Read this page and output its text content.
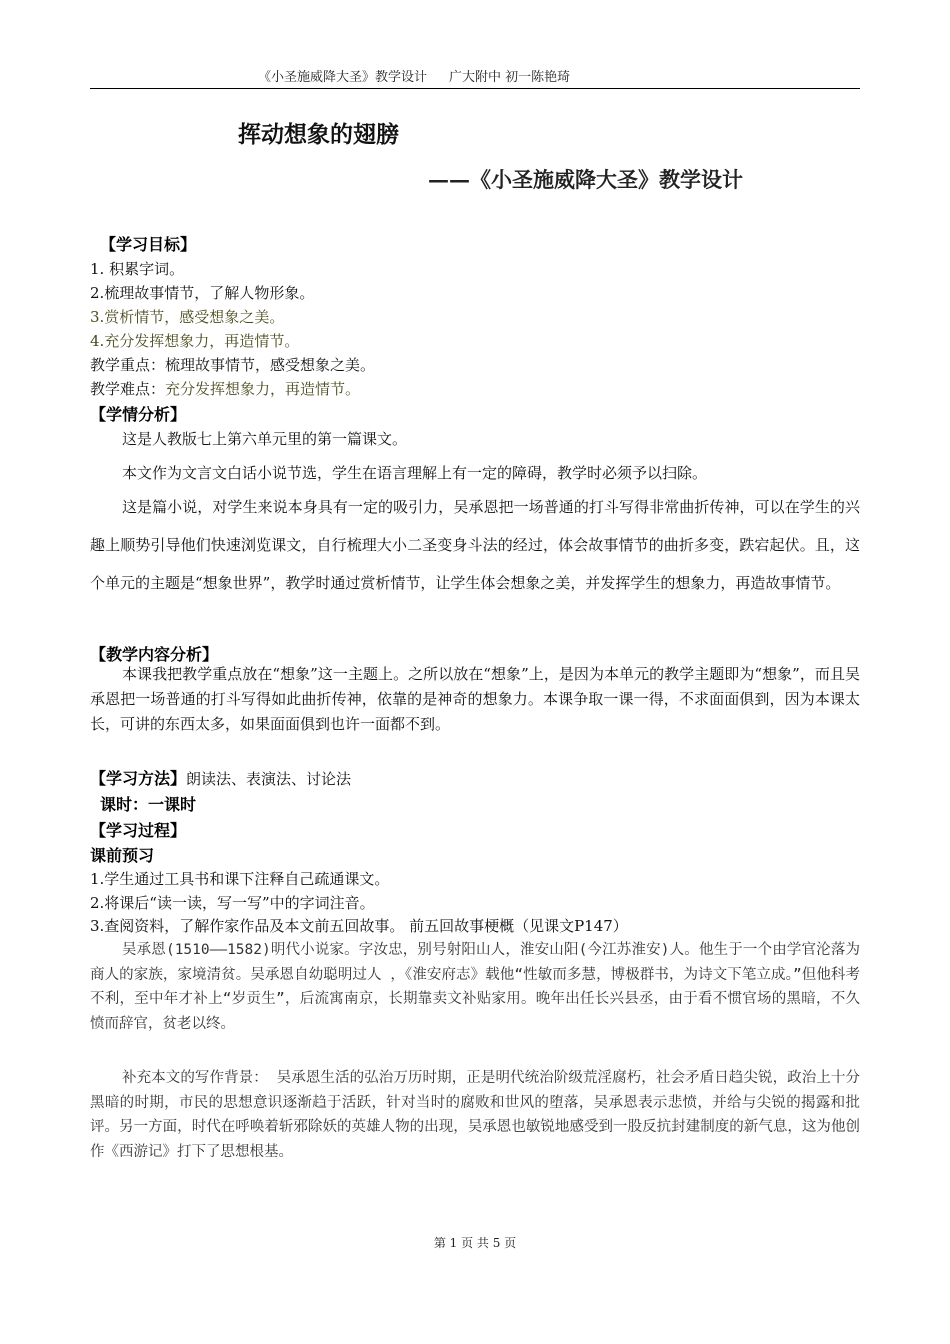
《小圣施威降大圣》教学设计 广大附中 初一陈艳琦
挥动想象的翅膀
——《小圣施威降大圣》教学设计
【学习目标】
1. 积累字词。
2.梳理故事情节，了解人物形象。
3.赏析情节，感受想象之美。
4.充分发挥想象力，再造情节。
教学重点：梳理故事情节，感受想象之美。
教学难点：充分发挥想象力，再造情节。
【学情分析】
这是人教版七上第六单元里的第一篇课文。
本文作为文言文白话小说节选，学生在语言理解上有一定的障碍，教学时必须予以扫除。
这是篇小说，对学生来说本身具有一定的吸引力，吴承恩把一场普通的打斗写得非常曲折传神，可以在学生的兴趣上顺势引导他们快速浏览课文，自行梳理大小二圣变身斗法的经过，体会故事情节的曲折多变，跌宕起伏。且，这个单元的主题是“想象世界”，教学时通过赏析情节，让学生体会想象之美，并发挥学生的想象力，再造故事情节。
【教学内容分析】
本课我把教学重点放在“想象”这一主题上。之所以放在“想象”上，是因为本单元的教学主题即为“想象”，而且吴承恩把一场普通的打斗写得如此曲折传神，依靠的是神奇的想象力。本课争取一课一得，不求面面俱到，因为本课太长，可讲的东西太多，如果面面俱到也许一面都不到。
【学习方法】朗读法、表演法、讨论法
课时：一课时
【学习过程】
课前预习
1.学生通过工具书和课下注释自己疏通课文。
2.将课后“读一读，写一写”中的字词注音。
3.查阅资料，了解作家作品及本文前五回故事。 前五回故事梗概（见课文P147）
吴承恩(1510——1582)明代小说家。字汝忠，别号射阳山人，淮安山阳(今江苏淮安)人。他生于一个由学官沦落为商人的家族，家境清贫。吴承恩自幼聪明过人 ，《淮安府志》载他“性敏而多慧，博极群书，为诗文下笔立成。”但他科考不利，至中年才补上“岁贡生”，后流寓南京，长期靠卖文补贴家用。晚年出任长兴县丞，由于看不惯官场的黑暗，不久愤而辞官，贫老以终。
补充本文的写作背景： 吴承恩生活的弘治万历时期，正是明代统治阶级荒淫腐朽，社会矛盾日趋尖锐，政治上十分黑暗的时期，市民的思想意识逐渐趋于活跃，针对当时的腐败和世风的堕落，吴承恩表示悲愤，并给与尖锐的揭露和批评。另一方面，时代在呼唤着斩邪除妖的英雄人物的出现，吴承恩也敏锐地感受到一股反抗封建制度的新气息，这为他创作《西游记》打下了思想根基。
第 1 页 共 5 页
